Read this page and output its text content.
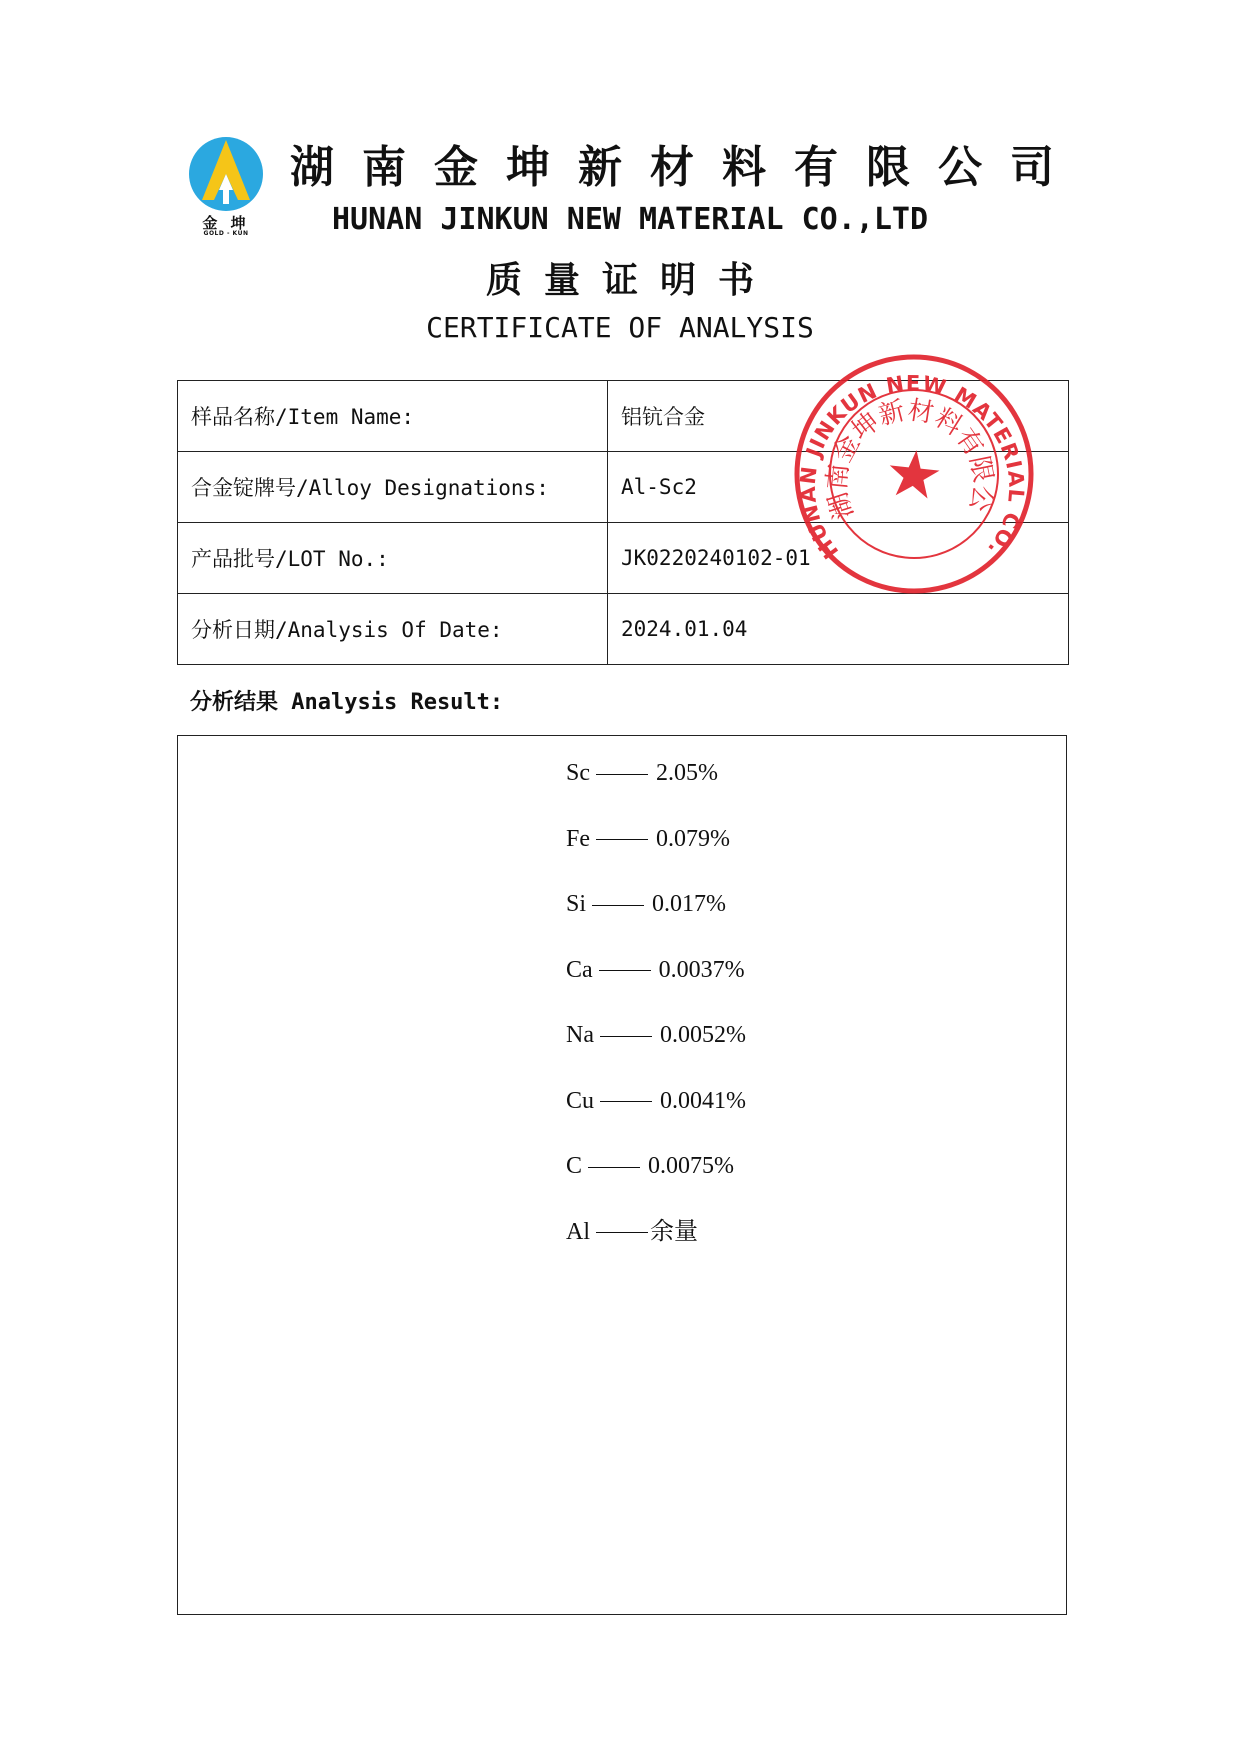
金 坤
GOLD - KUN
湖南金坤新材料有限公司
HUNAN JINKUN NEW MATERIAL CO.,LTD
质量证明书
CERTIFICATE OF ANALYSIS
样品名称/Item Name:	铝钪合金
合金锭牌号/Alloy Designations:	Al-Sc2
产品批号/LOT No.:	JK0220240102-01
分析日期/Analysis Of Date:	2024.01.04
分析结果 Analysis Result:
Sc	2.05%
Fe	0.079%
Si	0.017%
Ca	0.0037%
Na	0.0052%
Cu	0.0041%
C	0.0075%
Al	余量
HUNAN JINKUN NEW MATERIAL CO.,LTD
湖南金坤新材料有限公司
